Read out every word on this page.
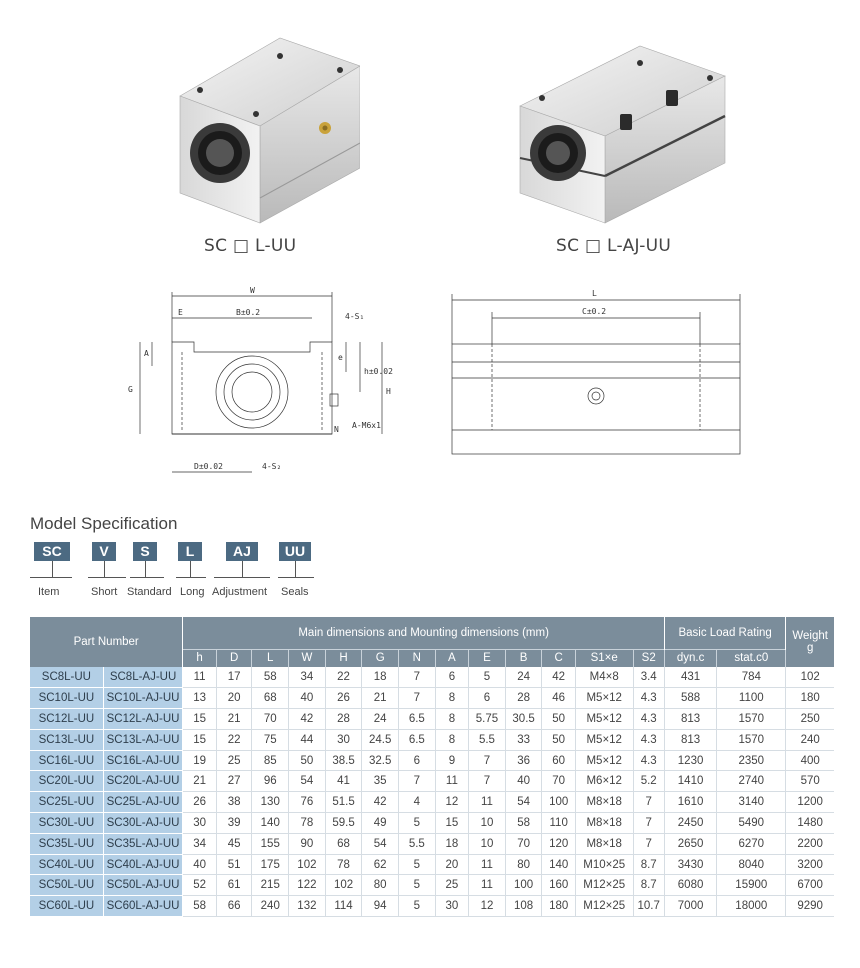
SC □ L-UU	SC □ L-AJ-UU
W
E	B±0.2	4-S₁
G
A	e
h±0.02
H
N A-M6x1
D±0.02	4-S₂
L
C±0.2
Model Specification
SC	V	S	L	AJ	UU
Item	Short Standard Long Adjustment Seals
Part Number		Main dimensions and Mounting dimensions (mm)													Basic Load Rating		Weight
g
		h	D	L	W	H	G	N	A	E	B	C	S1×e	S2	dyn.c	stat.c0	
SC8L-UU	SC8L-AJ-UU	11	17	58	34	22	18	7	6	5	24	42	M4×8	3.4	431	784	102
SC10L-UU	SC10L-AJ-UU	13	20	68	40	26	21	7	8	6	28	46	M5×12	4.3	588	1100	180
SC12L-UU	SC12L-AJ-UU	15	21	70	42	28	24	6.5	8	5.75	30.5	50	M5×12	4.3	813	1570	250
SC13L-UU	SC13L-AJ-UU	15	22	75	44	30	24.5	6.5	8	5.5	33	50	M5×12	4.3	813	1570	240
SC16L-UU	SC16L-AJ-UU	19	25	85	50	38.5	32.5	6	9	7	36	60	M5×12	4.3	1230	2350	400
SC20L-UU	SC20L-AJ-UU	21	27	96	54	41	35	7	11	7	40	70	M6×12	5.2	1410	2740	570
SC25L-UU	SC25L-AJ-UU	26	38	130	76	51.5	42	4	12	11	54	100	M8×18	7	1610	3140	1200
SC30L-UU	SC30L-AJ-UU	30	39	140	78	59.5	49	5	15	10	58	110	M8×18	7	2450	5490	1480
SC35L-UU	SC35L-AJ-UU	34	45	155	90	68	54	5.5	18	10	70	120	M8×18	7	2650	6270	2200
SC40L-UU	SC40L-AJ-UU	40	51	175	102	78	62	5	20	11	80	140	M10×25	8.7	3430	8040	3200
SC50L-UU	SC50L-AJ-UU	52	61	215	122	102	80	5	25	11	100	160	M12×25	8.7	6080	15900	6700
SC60L-UU	SC60L-AJ-UU	58	66	240	132	114	94	5	30	12	108	180	M12×25	10.7	7000	18000	9290
